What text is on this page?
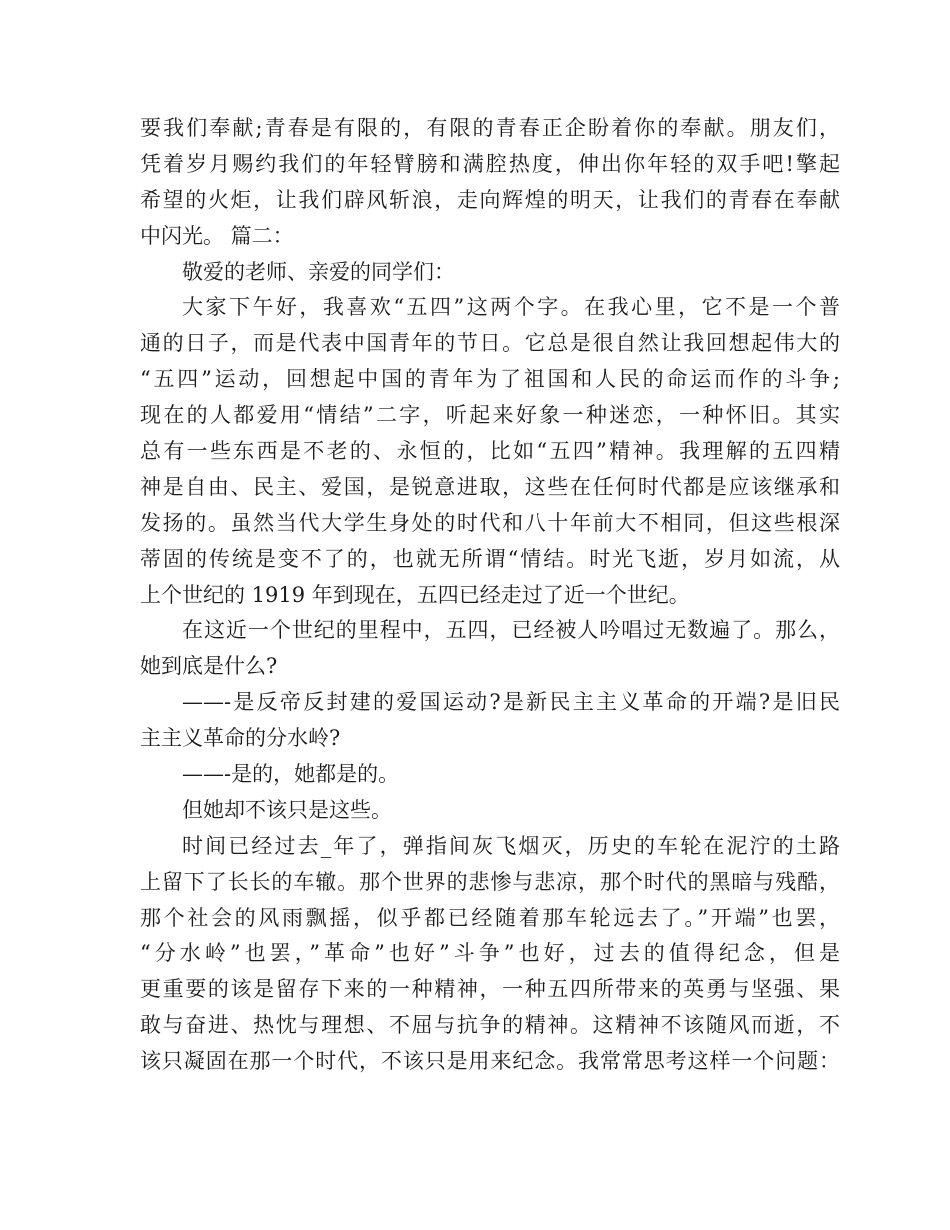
要我们奉献;青春是有限的，有限的青春正企盼着你的奉献。朋友们，
凭着岁月赐约我们的年轻臂膀和满腔热度，伸出你年轻的双手吧!擎起
希望的火炬，让我们辟风斩浪，走向辉煌的明天，让我们的青春在奉献
中闪光。 篇二：
敬爱的老师、亲爱的同学们：
大家下午好，我喜欢“五四”这两个字。在我心里，它不是一个普
通的日子，而是代表中国青年的节日。它总是很自然让我回想起伟大的
“五四”运动，回想起中国的青年为了祖国和人民的命运而作的斗争;
现在的人都爱用“情结”二字，听起来好象一种迷恋，一种怀旧。其实
总有一些东西是不老的、永恒的，比如“五四”精神。我理解的五四精
神是自由、民主、爱国，是锐意进取，这些在任何时代都是应该继承和
发扬的。虽然当代大学生身处的时代和八十年前大不相同，但这些根深
蒂固的传统是变不了的，也就无所谓“情结。时光飞逝，岁月如流，从
上个世纪的 1919 年到现在，五四已经走过了近一个世纪。
在这近一个世纪的里程中，五四，已经被人吟唱过无数遍了。那么，
她到底是什么?
——-是反帝反封建的爱国运动?是新民主主义革命的开端?是旧民
主主义革命的分水岭?
——-是的，她都是的。
但她却不该只是这些。
时间已经过去_年了，弹指间灰飞烟灭，历史的车轮在泥泞的土路
上留下了长长的车辙。那个世界的悲惨与悲凉，那个时代的黑暗与残酷，
那个社会的风雨飘摇，似乎都已经随着那车轮远去了。”开端”也罢，
“分水岭”也罢，”革命”也好”斗争”也好，过去的值得纪念，但是
更重要的该是留存下来的一种精神，一种五四所带来的英勇与坚强、果
敢与奋进、热忱与理想、不屈与抗争的精神。这精神不该随风而逝，不
该只凝固在那一个时代，不该只是用来纪念。我常常思考这样一个问题：
